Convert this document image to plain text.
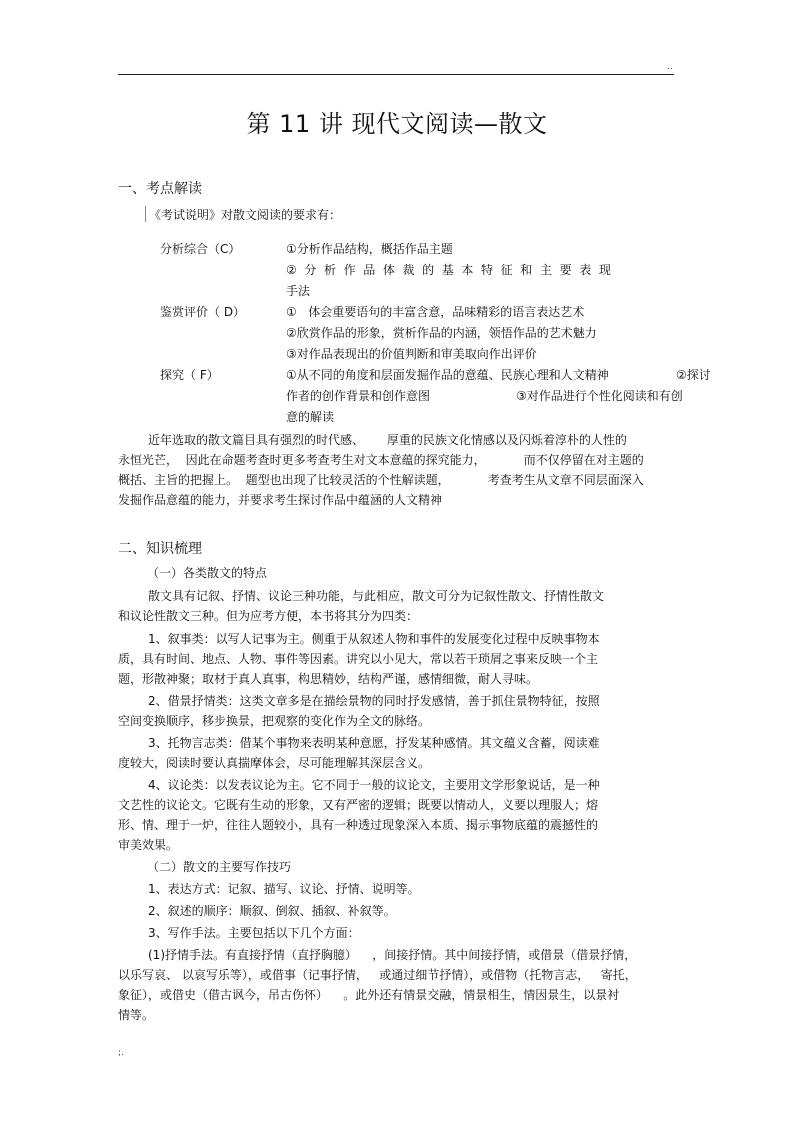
..
第 11 讲 现代文阅读—散文
一、考点解读
《考试说明》对散文阅读的要求有：
分析综合（C）	①分析作品结构，概括作品主题
②  分  析  作  品  体  裁  的  基  本  特  征  和  主  要  表  现
手法
鉴赏评价（ D）	①   体会重要语句的丰富含意，品味精彩的语言表达艺术
②欣赏作品的形象，赏析作品的内涵，领悟作品的艺术魅力
③对作品表现出的价值判断和审美取向作出评价
探究（ F）	①从不同的角度和层面发掘作品的意蕴、民族心理和人文精神	②探讨
作者的创作背景和创作意图	③对作品进行个性化阅读和有创
意的解读
近年选取的散文篇目具有强烈的时代感、      厚重的民族文化情感以及闪烁着淳朴的人性的
永恒光芒，  因此在命题考查时更多考查考生对文本意蕴的探究能力，          而不仅停留在对主题的
概括、主旨的把握上。  题型也出现了比较灵活的个性解读题，          考查考生从文章不同层面深入
发掘作品意蕴的能力，并要求考生探讨作品中蕴涵的人文精神
二、知识梳理
（一）各类散文的特点
散文具有记叙、抒情、议论三种功能，与此相应，散文可分为记叙性散文、抒情性散文
和议论性散文三种。但为应考方便，本书将其分为四类：
1、叙事类：以写人记事为主。侧重于从叙述人物和事件的发展变化过程中反映事物本
质，具有时间、地点、人物、事件等因素。讲究以小见大，常以若干琐屑之事来反映一个主
题，形散神聚；取材于真人真事，构思精妙，结构严谨，感情细微，耐人寻味。
2、借景抒情类：这类文章多是在描绘景物的同时抒发感情，善于抓住景物特征，按照
空间变换顺序，移步换景，把观察的变化作为全文的脉络。
3、托物言志类：借某个事物来表明某种意愿，抒发某种感情。其文蕴义含蓄，阅读难
度较大，阅读时要认真揣摩体会，尽可能理解其深层含义。
4、议论类：以发表议论为主。它不同于一般的议论文，主要用文学形象说话，是一种
文艺性的议论文。它既有生动的形象，又有严密的逻辑；既要以情动人，义要以理服人；熔
形、情、理于一炉，往往人题较小，具有一种透过现象深入本质、揭示事物底蕴的震撼性的
审美效果。
（二）散文的主要写作技巧
1、表达方式：记叙、描写、议论、抒情、说明等。
2、叙述的顺序：顺叙、倒叙、插叙、补叙等。
3、写作手法。主要包括以下几个方面：
(1)抒情手法。有直接抒情（直抒胸臆）    ，间接抒情。其中间接抒情，或借景（借景抒情，
以乐写哀、 以哀写乐等），或借事（记事抒情，   或通过细节抒情），或借物（托物言志，   寄托，
象征），或借史（借古讽今，吊古伤怀）    。此外还有情景交融，情景相生，情因景生，以景衬
情等。
;.
